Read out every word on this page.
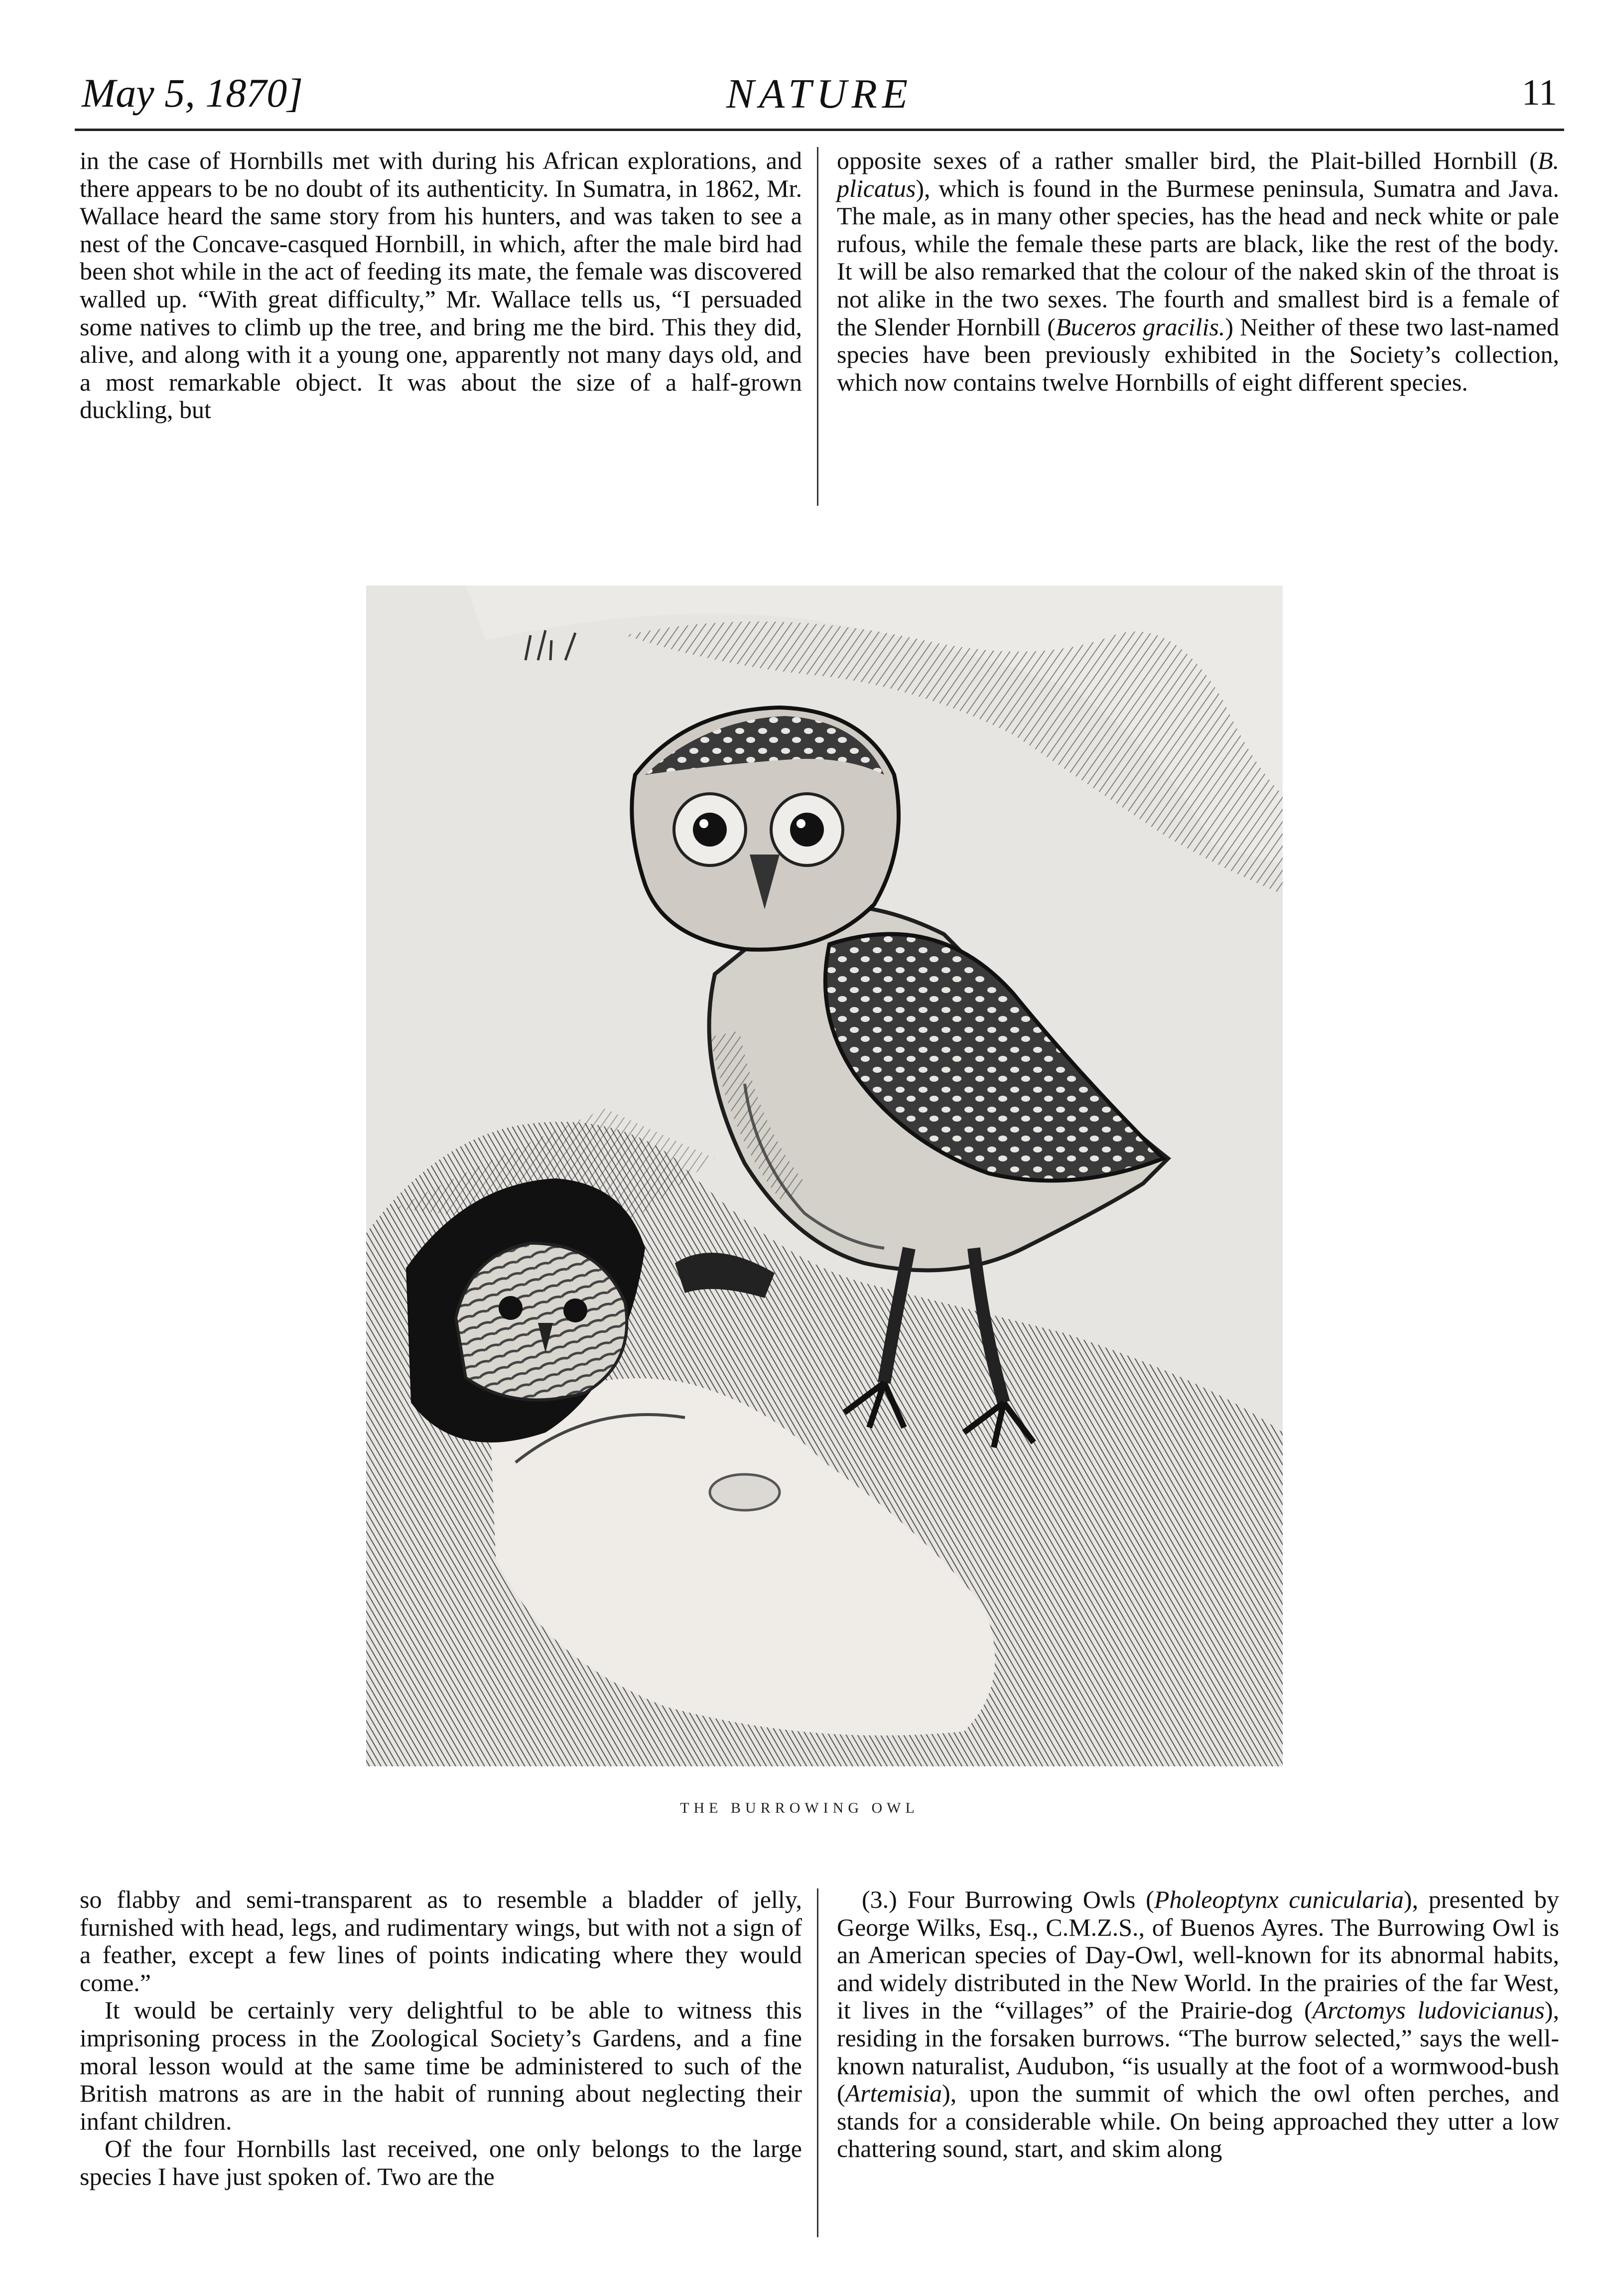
May 5, 1870]	NATURE	11

in the case of Hornbills met with during his African explorations, and there appears to be no doubt of its authenticity. In Sumatra, in 1862, Mr. Wallace heard the same story from his hunters, and was taken to see a nest of the Concave-casqued Hornbill, in which, after the male bird had been shot while in the act of feeding its mate, the female was discovered walled up. “With great difficulty,” Mr. Wallace tells us, “I persuaded some natives to climb up the tree, and bring me the bird. This they did, alive, and along with it a young one, apparently not many days old, and a most remarkable object. It was about the size of a half-grown duckling, but

opposite sexes of a rather smaller bird, the Plait-billed Hornbill (B. plicatus), which is found in the Burmese peninsula, Sumatra and Java. The male, as in many other species, has the head and neck white or pale rufous, while the female these parts are black, like the rest of the body. It will be also remarked that the colour of the naked skin of the throat is not alike in the two sexes. The fourth and smallest bird is a female of the Slender Hornbill (Buceros gracilis.) Neither of these two last-named species have been previously exhibited in the Society’s collection, which now contains twelve Hornbills of eight different species.

THE BURROWING OWL

so flabby and semi-transparent as to resemble a bladder of jelly, furnished with head, legs, and rudimentary wings, but with not a sign of a feather, except a few lines of points indicating where they would come.”

It would be certainly very delightful to be able to witness this imprisoning process in the Zoological Society’s Gardens, and a fine moral lesson would at the same time be administered to such of the British matrons as are in the habit of running about neglecting their infant children.

Of the four Hornbills last received, one only belongs to the large species I have just spoken of. Two are the

(3.) Four Burrowing Owls (Pholeoptynx cunicularia), presented by George Wilks, Esq., C.M.Z.S., of Buenos Ayres. The Burrowing Owl is an American species of Day-Owl, well-known for its abnormal habits, and widely distributed in the New World. In the prairies of the far West, it lives in the “villages” of the Prairie-dog (Arctomys ludovicianus), residing in the forsaken burrows. “The burrow selected,” says the well-known naturalist, Audubon, “is usually at the foot of a wormwood-bush (Artemisia), upon the summit of which the owl often perches, and stands for a considerable while. On being approached they utter a low chattering sound, start, and skim along
